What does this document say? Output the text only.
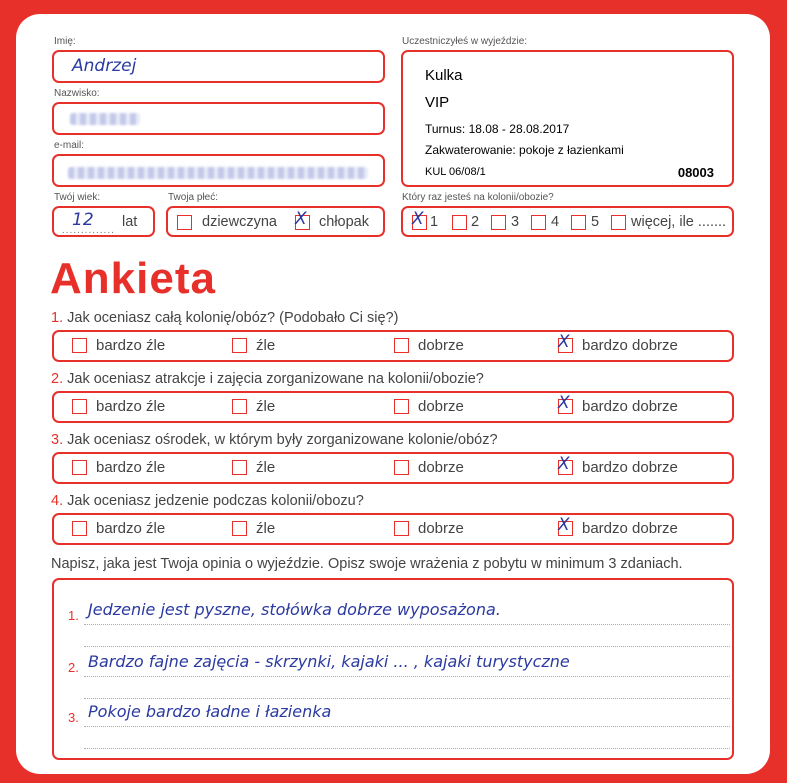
Imię:
Andrzej
Nazwisko:
e-mail:
Twój wiek:
12
..............
lat
Twoja płeć:
dziewczyna X chłopak
Uczestniczyłeś w wyjeździe:
Kulka
VIP
Turnus: 18.08 - 28.08.2017
Zakwaterowanie: pokoje z łazienkami
KUL 06/08/1	08003
Który raz jesteś na kolonii/obozie?
X 1 2 3 4 5 więcej, ile .......
Ankieta
1. Jak oceniasz całą kolonię/obóz? (Podobało Ci się?)
bardzo źle	źle	dobrze	X bardzo dobrze
2. Jak oceniasz atrakcje i zajęcia zorganizowane na kolonii/obozie?
bardzo źle	źle	dobrze	X bardzo dobrze
3. Jak oceniasz ośrodek, w którym były zorganizowane kolonie/obóz?
bardzo źle	źle	dobrze	X bardzo dobrze
4. Jak oceniasz jedzenie podczas kolonii/obozu?
bardzo źle	źle	dobrze	X bardzo dobrze
Napisz, jaka jest Twoja opinia o wyjeździe. Opisz swoje wrażenia z pobytu w minimum 3 zdaniach.
1. Jedzenie jest pyszne, stołówka dobrze wyposażona.
2. Bardzo fajne zajęcia - skrzynki, kajaki ... , kajaki turystyczne
3. Pokoje bardzo ładne i łazienka
